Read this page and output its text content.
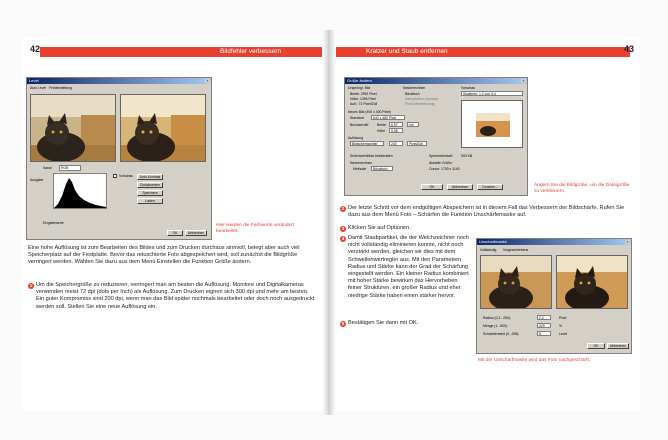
42	Bildfehler verbessern
Level	×
Auto Level Feineinstellung
Kanal	RGB
Ausgabe
Eingabewerte
Vorschau	Auto-Kontrast
Zurücksetzen
Speichern
Laden
OK	Abbrechen
Hier werden die Farbwerte verändert bearbeitet.

Eine hohe Auflösung ist zum Bearbeiten des Bildes und zum Drucken durchaus sinnvoll, belegt aber auch viel Speicherplatz auf der Festplatte. Bevor das retuschierte Foto abgespeichert wird, soll zunächst die Bildgröße verringert werden. Wählen Sie dazu aus dem Menü Einstellen die Funktion Größe ändern.

1 Um die Speichergröße zu reduzieren, verringert man am besten die Auflösung. Monitore und Digitalkameras verwenden meist 72 dpi (dots per Inch) als Auflösung. Zum Drucken eignen sich 300 dpi und mehr am besten. Ein guter Kompromiss sind 200 dpi, wenn man das Bild später nochmals bearbeitet oder doch noch ausgedruckt werden soll. Stellen Sie eine neue Auflösung ein.
Kratzer und Staub entfernen	43
Größe ändern	×
Ursprüngl. Bild
Breite: 2992 Pixel
Höhe: 1496 Pixel
Aufl.: 72 Pixel/Zoll
Neuberechnen
Bikubisch
Interpolation (Lineare)
Pixel-Wiederholung
Vorschau
Skalieren: 1,2 von 4:4
Neues Bild (400 x 400 Pixel)
Standard	640 x 480 Pixel
Benutzerdef. Breite	6,97	cm
Höhe	5,08
Auflösung
Bildschirmsmittel	200	Pixel/Zoll
Seitenverhältnis beibehalten
Neuberechnen
Methode	Bikubisch
Speicherbedarf: 900 KB
Aktuelle Größe:
Cursor: 1700 x 1140
OK	Abbrechen	Drucken...	Ändern Sie die Bildgröße, um die Dateigröße zu verkleinern.
2 Der letzte Schritt vor dem endgültigen Abspeichern ist in diesem Fall das Verbessern der Bildschärfe. Rufen Sie dazu aus dem Menü Foto – Schärfen die Funktion Unschärfemaske auf.
3 Klicken Sie auf Optionen.
4 Damit Staubpartikel, die der Weichzeichner noch nicht vollständig eliminieren konnte, nicht noch verstärkt werden, gleichen wir dies mit dem Schwellenwertregler aus. Mit den Parametern Radius und Stärke kann der Grad der Schärfung eingestellt werden. Ein kleiner Radius kombiniert mit hoher Stärke bewirken das Hervorheben feiner Strukturen, ein großer Radius und eher niedrige Stärke haben einen stärker hervor.
5 Bestätigen Sie dann mit OK.
Unscharfmaske	×
Vollständig Vorgeschriebene
Radius (0,1...250):	2,2	Pixel
Menge (1...500):	329	%
Schwellenwert (0...255):	5	Level
OK	Abbrechen
Mit der Unscharfmaske wird das Foto nachgeschärft.
